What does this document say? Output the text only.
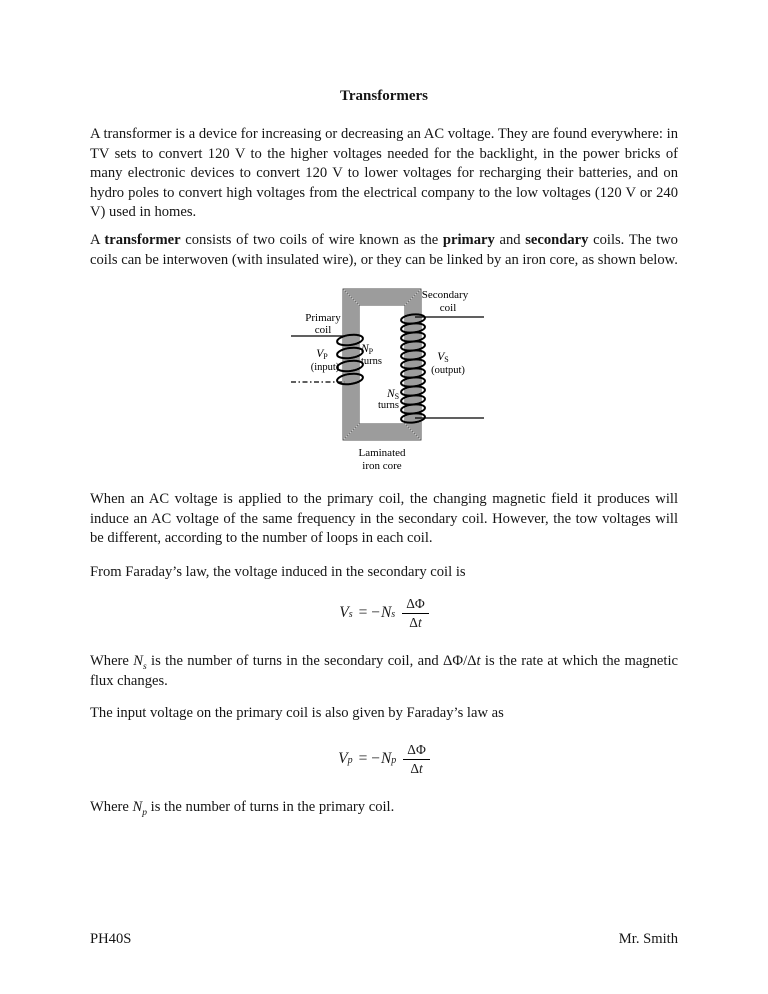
Transformers

A transformer is a device for increasing or decreasing an AC voltage. They are found everywhere: in TV sets to convert 120 V to the higher voltages needed for the backlight, in the power bricks of many electronic devices to convert 120 V to lower voltages for recharging their batteries, and on hydro poles to convert high voltages from the electrical company to the low voltages (120 V or 240 V) used in homes.

A transformer consists of two coils of wire known as the primary and secondary coils. The two coils can be interwoven (with insulated wire), or they can be linked by an iron core, as shown below.

Primary
coil
Secondary
coil
VP
(input)
NP
turns
NS
turns
VS
(output)
Laminated
iron core

When an AC voltage is applied to the primary coil, the changing magnetic field it produces will induce an AC voltage of the same frequency in the secondary coil. However, the tow voltages will be different, according to the number of loops in each coil.

From Faraday’s law, the voltage induced in the secondary coil is

$V_s$ = − $N_s \frac{\Delta\Phi}{\Delta t}$

Where $N_s$ is the number of turns in the secondary coil, and ΔΦ/Δt is the rate at which the magnetic flux changes.

The input voltage on the primary coil is also given by Faraday’s law as

$V_p$ = − $N_p \frac{\Delta\Phi}{\Delta t}$

Where $N_p$ is the number of turns in the primary coil.

PH40S	Mr. Smith
